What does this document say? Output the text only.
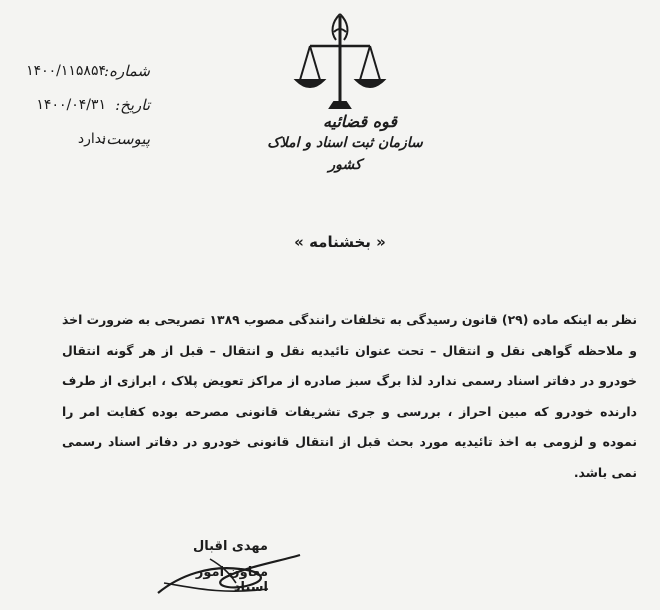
شماره:
۱۴۰۰/۱۱۵۸۵۴
تاریخ:
۱۴۰۰/۰۴/۳۱
پیوست:
ندارد
قوه قضائیه
سازمان ثبت اسناد و املاک کشور
« بخشنامه »

نظر به اینکه ماده (۲۹) قانون رسیدگی به تخلفات رانندگی مصوب ۱۳۸۹ تصریحی به ضرورت اخذ و ملاحظه گواهی نقل و انتقال – تحت عنوان تائیدیه نقل و انتقال – قبل از هر گونه انتقال خودرو در دفاتر اسناد رسمی ندارد لذا برگ سبز صادره از مراکز تعویض پلاک ، ابرازی از طرف دارنده خودرو که مبین احراز ، بررسی و جری تشریفات قانونی مصرحه بوده کفایت امر را نموده و لزومی به اخذ تائیدیه مورد بحث قبل از انتقال قانونی خودرو در دفاتر اسناد رسمی نمی باشد.

مهدی اقبال
معاون امور اسناد
